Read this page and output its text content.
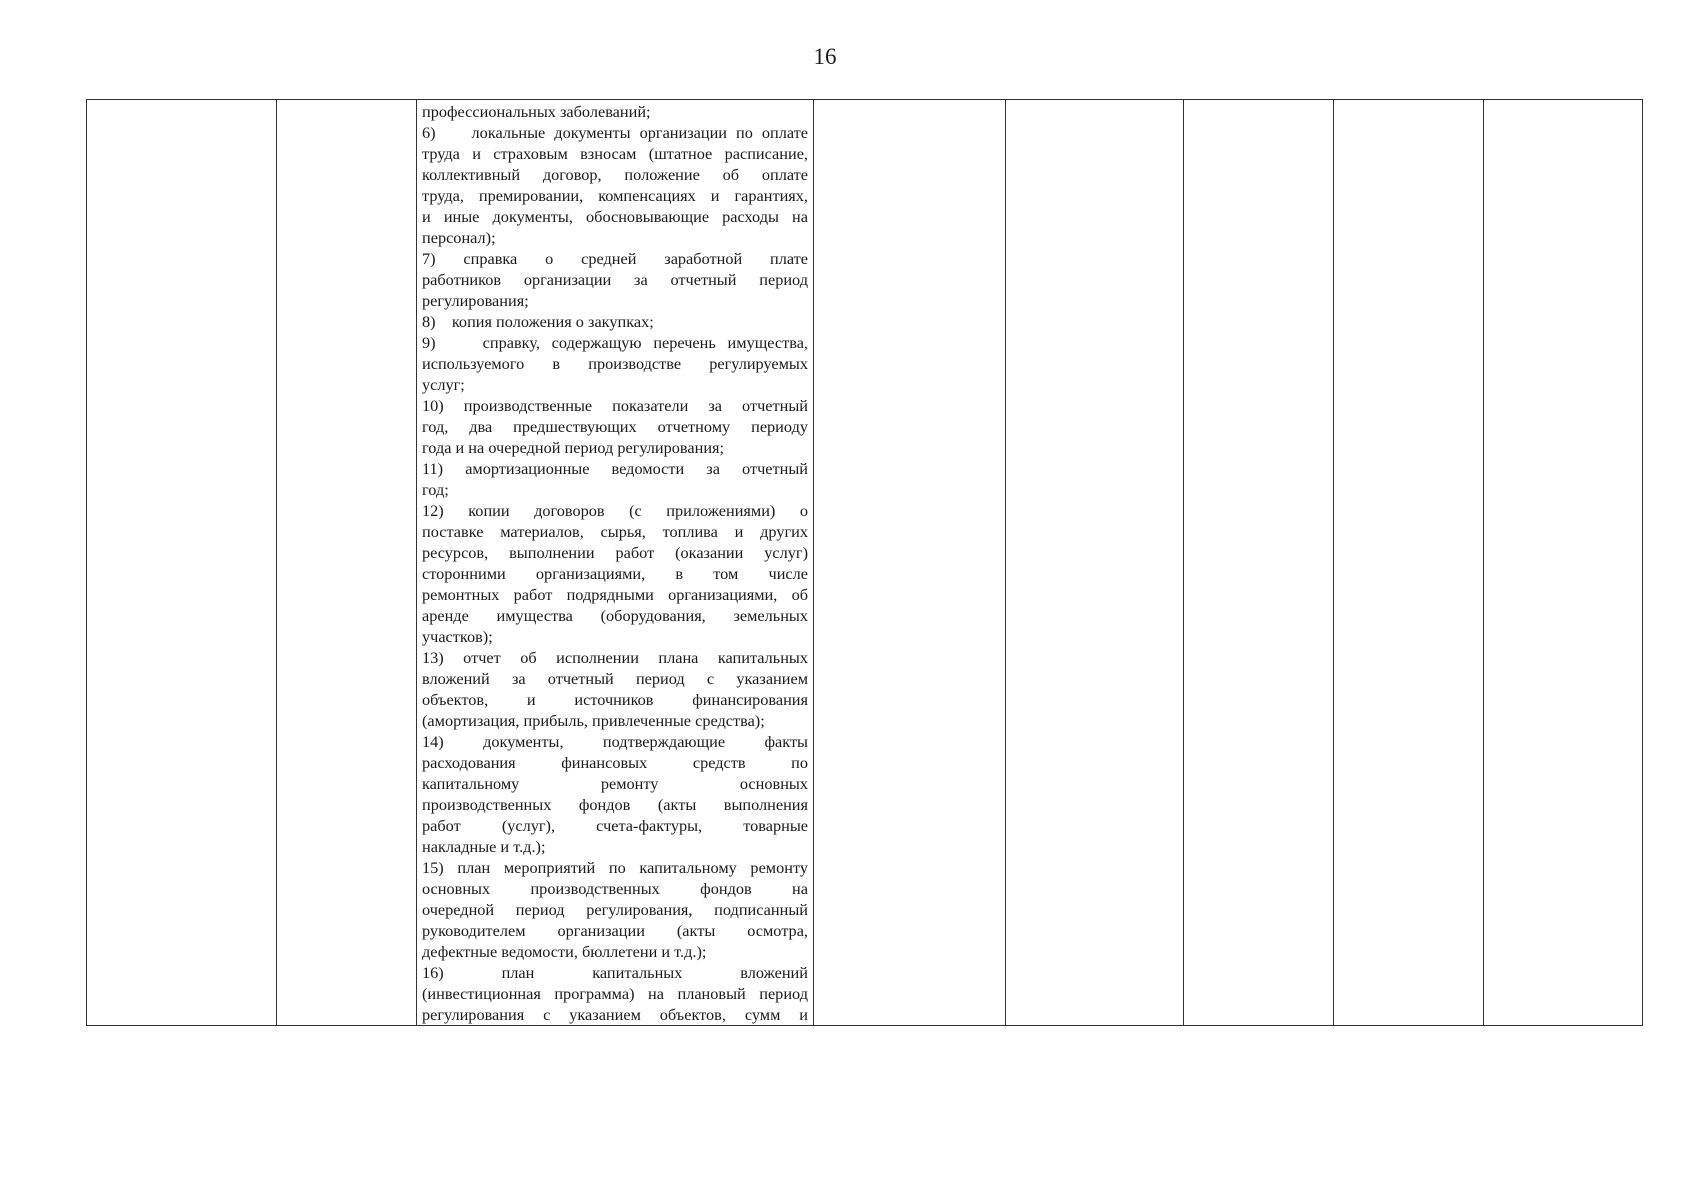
16

профессиональных заболеваний;
6)    локальные документы организации по оплате
труда и страховым взносам (штатное расписание,
коллективный договор, положение об оплате
труда, премировании, компенсациях и гарантиях,
и иные документы, обосновывающие расходы на
персонал);
7) справка о средней заработной плате
работников организации за отчетный период
регулирования;
8)    копия положения о закупках;
9)    справку, содержащую перечень имущества,
используемого в производстве регулируемых
услуг;
10) производственные показатели за отчетный
год, два предшествующих отчетному периоду
года и на очередной период регулирования;
11) амортизационные ведомости за отчетный
год;
12) копии договоров (с приложениями) о
поставке материалов, сырья, топлива и других
ресурсов, выполнении работ (оказании услуг)
сторонними организациями, в том числе
ремонтных работ подрядными организациями, об
аренде имущества (оборудования, земельных
участков);
13) отчет об исполнении плана капитальных
вложений за отчетный период с указанием
объектов, и источников финансирования
(амортизация, прибыль, привлеченные средства);
14) документы, подтверждающие факты
расходования финансовых средств по
капитальному ремонту основных
производственных фондов (акты выполнения
работ (услуг), счета-фактуры, товарные
накладные и т.д.);
15) план мероприятий по капитальному ремонту
основных производственных фондов на
очередной период регулирования, подписанный
руководителем организации (акты осмотра,
дефектные ведомости, бюллетени и т.д.);
16) план капитальных вложений
(инвестиционная программа) на плановый период
регулирования с указанием объектов, сумм и
